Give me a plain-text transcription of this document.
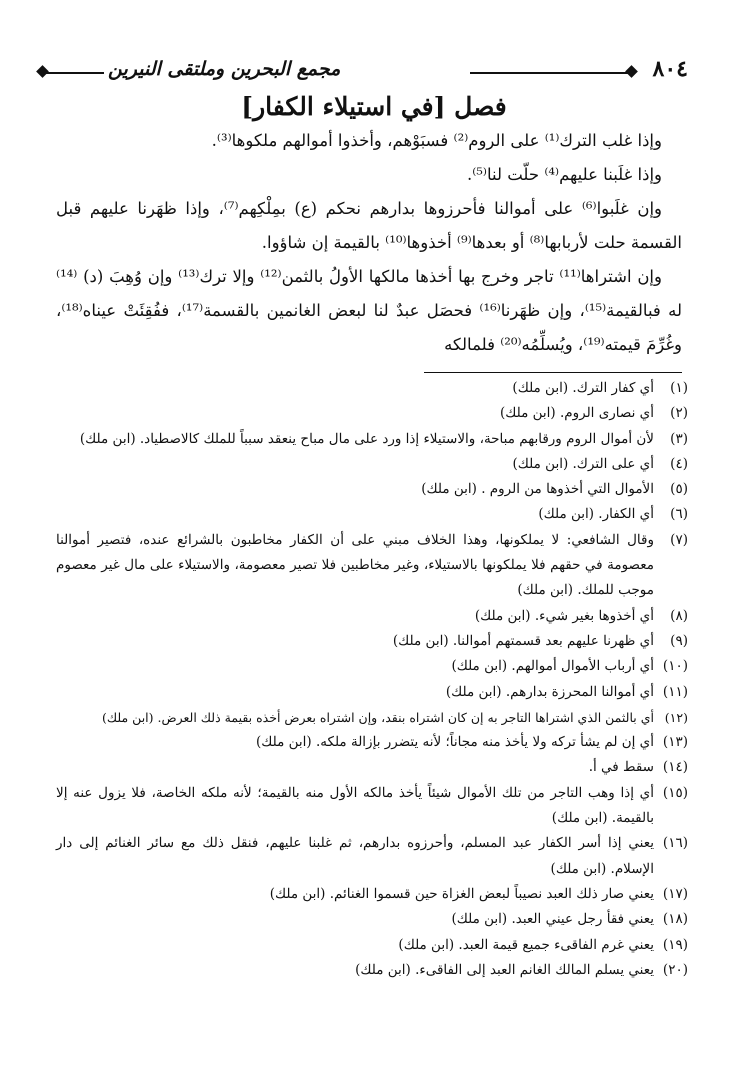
٨٠٤
مجمع البحرين وملتقى النيرين
فصل [في استيلاء الكفار]

وإذا غلب الترك⁽¹⁾ على الروم⁽²⁾ فسبَوْهم، وأخذوا أموالهم ملكوها⁽³⁾.

وإذا غلَبنا عليهم⁽⁴⁾ حلّت لنا⁽⁵⁾.

وإن غلَبوا⁽⁶⁾ على أموالنا فأحرزوها بدارهم نحكم (ع) بمِلْكِهم⁽⁷⁾، وإذا ظهَرنا عليهم قبل القسمة حلت لأربابها⁽⁸⁾ أو بعدها⁽⁹⁾ أخذوها⁽¹⁰⁾ بالقيمة إن شاؤوا.

وإن اشتراها⁽¹¹⁾ تاجر وخرج بها أخذها مالكها الأولُ بالثمن⁽¹²⁾ وإلا ترك⁽¹³⁾ وإن وُهِبَ (د) ⁽¹⁴⁾ له فبالقيمة⁽¹⁵⁾، وإن ظهَرنا⁽¹⁶⁾ فحصَل عبدٌ لنا لبعض الغانمين بالقسمة⁽¹⁷⁾، ففُقِئَتْ عيناه⁽¹⁸⁾، وغُرِّمَ قيمته⁽¹⁹⁾، ويُسلِّمُه⁽²⁰⁾ فلمالكه

(١)
أي كفار الترك. (ابن ملك)
(٢)
أي نصارى الروم. (ابن ملك)
(٣)
لأن أموال الروم ورقابهم مباحة، والاستيلاء إذا ورد على مال مباح ينعقد سبباً للملك كالاصطياد. (ابن ملك)
(٤)
أي على الترك. (ابن ملك)
(٥)
الأموال التي أخذوها من الروم . (ابن ملك)
(٦)
أي الكفار. (ابن ملك)
(٧)
وقال الشافعي: لا يملكونها، وهذا الخلاف مبني على أن الكفار مخاطبون بالشرائع عنده، فتصير أموالنا معصومة في حقهم فلا يملكونها بالاستيلاء، وغير مخاطبين فلا تصير معصومة، والاستيلاء على مال غير معصوم موجب للملك. (ابن ملك)
(٨)
أي أخذوها بغير شيء. (ابن ملك)
(٩)
أي ظهرنا عليهم بعد قسمتهم أموالنا. (ابن ملك)
(١٠)
أي أرباب الأموال أموالهم. (ابن ملك)
(١١)
أي أموالنا المحرزة بدارهم. (ابن ملك)
(١٢)
أي بالثمن الذي اشتراها التاجر به إن كان اشتراه بنقد، وإن اشتراه بعرض أخذه بقيمة ذلك العرض. (ابن ملك)
(١٣)
أي إن لم يشأ تركه ولا يأخذ منه مجاناً؛ لأنه يتضرر بإزالة ملكه. (ابن ملك)
(١٤)
سقط في أ.
(١٥)
أي إذا وهب التاجر من تلك الأموال شيئاً يأخذ مالكه الأول منه بالقيمة؛ لأنه ملكه الخاصة، فلا يزول عنه إلا بالقيمة. (ابن ملك)
(١٦)
يعني إذا أسر الكفار عبد المسلم، وأحرزوه بدارهم، ثم غلبنا عليهم، فنقل ذلك مع سائر الغنائم إلى دار الإسلام. (ابن ملك)
(١٧)
يعني صار ذلك العبد نصيباً لبعض الغزاة حين قسموا الغنائم. (ابن ملك)
(١٨)
يعني فقأ رجل عيني العبد. (ابن ملك)
(١٩)
يعني غرم الفاقىء جميع قيمة العبد. (ابن ملك)
(٢٠)
يعني يسلم المالك الغانم العبد إلى الفاقىء. (ابن ملك)
